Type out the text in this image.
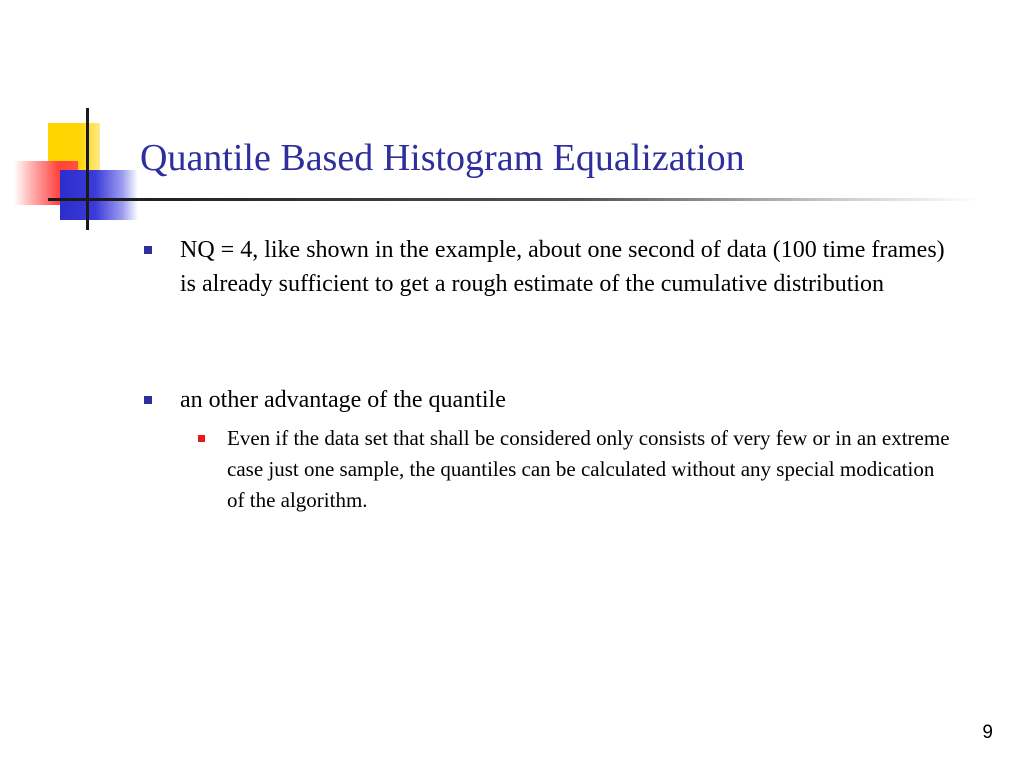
Quantile Based Histogram Equalization
NQ = 4, like shown in the example, about one second of data (100 time frames) is already sufficient to get a rough estimate of the cumulative distribution
an other advantage of the quantile
Even if the data set that shall be considered only consists of very few or in an extreme case just one sample, the quantiles can be calculated without any special modication of the algorithm.
9
